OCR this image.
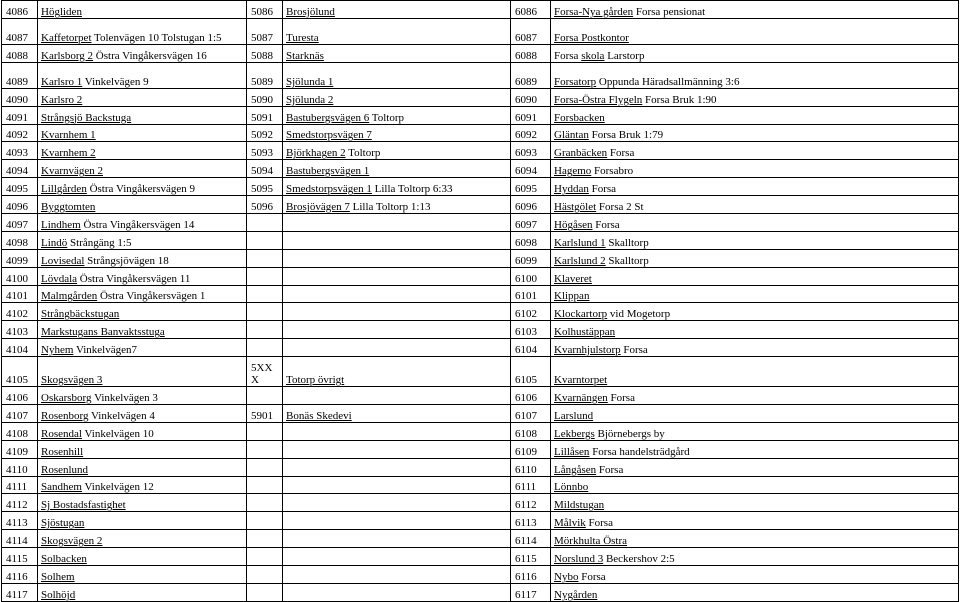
4086	Högliden	5086	Brosjölund	6086	Forsa-Nya gården Forsa pensionat
4087	Kaffetorpet Tolenvägen 10 Tolstugan 1:5	5087	Turesta	6087	Forsa Postkontor
4088	Karlsborg 2 Östra Vingåkersvägen 16	5088	Starknäs	6088	Forsa skola Larstorp
4089	Karlsro 1 Vinkelvägen 9	5089	Sjölunda 1	6089	Forsatorp Oppunda Häradsallmänning 3:6
4090	Karlsro 2	5090	Sjölunda 2	6090	Forsa-Östra Flygeln Forsa Bruk 1:90
4091	Strångsjö Backstuga	5091	Bastubergsvägen 6 Toltorp	6091	Forsbacken
4092	Kvarnhem 1	5092	Smedstorpsvägen 7	6092	Gläntan Forsa Bruk 1:79
4093	Kvarnhem 2	5093	Björkhagen 2 Toltorp	6093	Granbäcken Forsa
4094	Kvarnvägen 2	5094	Bastubergsvägen 1	6094	Hagemo Forsabro
4095	Lillgården Östra Vingåkersvägen 9	5095	Smedstorpsvägen 1 Lilla Toltorp 6:33	6095	Hyddan Forsa
4096	Byggtomten	5096	Brosjövägen 7 Lilla Toltorp 1:13	6096	Hästgölet Forsa 2 St
4097	Lindhem Östra Vingåkersvägen 14			6097	Högåsen Forsa
4098	Lindö Strångäng 1:5			6098	Karlslund 1 Skalltorp
4099	Lovisedal Strångsjövägen 18			6099	Karlslund 2 Skalltorp
4100	Lövdala Östra Vingåkersvägen 11			6100	Klaveret
4101	Malmgården Östra Vingåkersvägen 1			6101	Klippan
4102	Strångbäckstugan			6102	Klockartorp vid Mogetorp
4103	Markstugans Banvaktsstuga			6103	Kolhustäppan
4104	Nyhem Vinkelvägen7			6104	Kvarnhjulstorp Forsa
4105	Skogsvägen 3	5XX X	Totorp övrigt	6105	Kvarntorpet
4106	Oskarsborg Vinkelvägen 3			6106	Kvarnängen Forsa
4107	Rosenborg Vinkelvägen 4	5901	Bonäs Skedevi	6107	Larslund
4108	Rosendal Vinkelvägen 10			6108	Lekbergs Björnebergs by
4109	Rosenhill			6109	Lillåsen Forsa handelsträdgård
4110	Rosenlund			6110	Långåsen Forsa
4111	Sandhem Vinkelvägen 12			6111	Lönnbo
4112	Sj Bostadsfastighet			6112	Mildstugan
4113	Sjöstugan			6113	Målvik Forsa
4114	Skogsvägen 2			6114	Mörkhulta Östra
4115	Solbacken			6115	Norslund 3 Beckershov 2:5
4116	Solhem			6116	Nybo Forsa
4117	Solhöjd			6117	Nygården
